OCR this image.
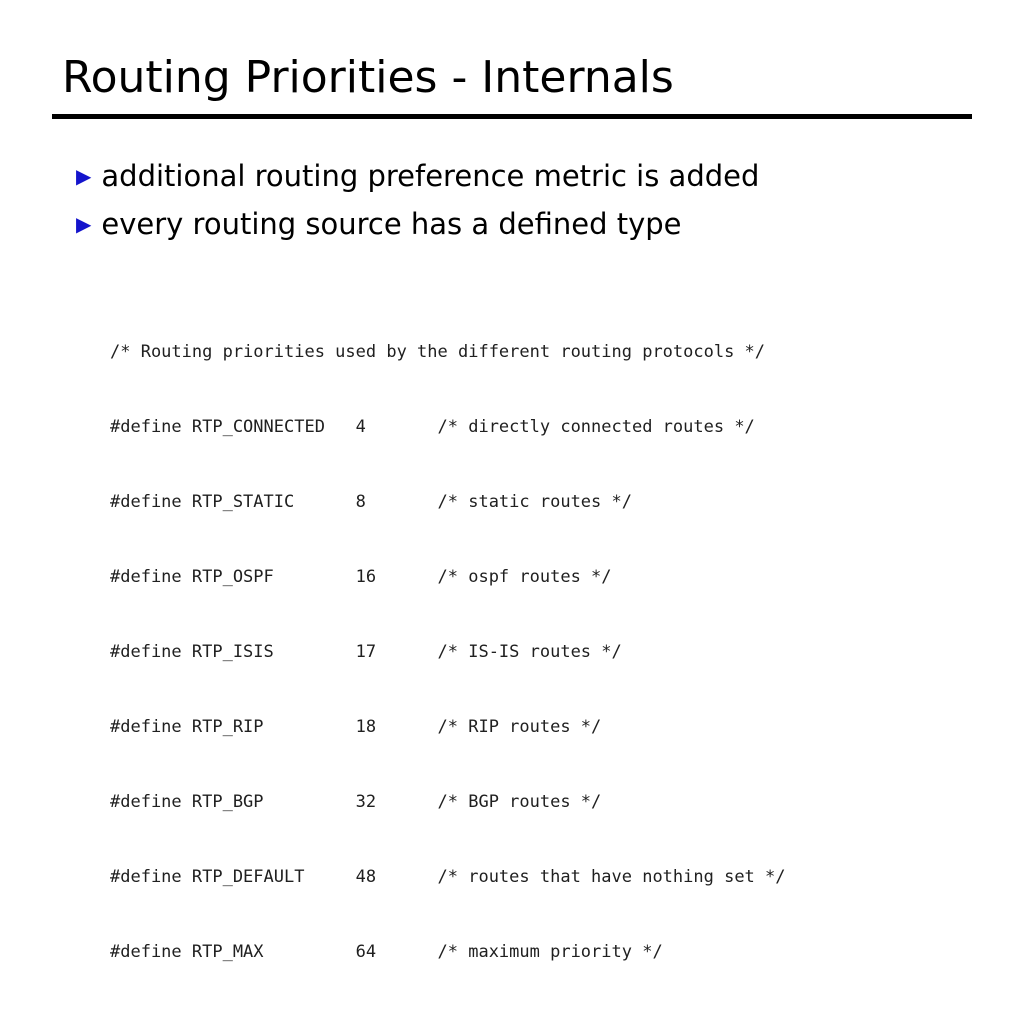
Routing Priorities - Internals
▶ additional routing preference metric is added
▶ every routing source has a defined type

/* Routing priorities used by the different routing protocols */

#define RTP_CONNECTED   4       /* directly connected routes */

#define RTP_STATIC      8       /* static routes */

#define RTP_OSPF        16      /* ospf routes */

#define RTP_ISIS        17      /* IS-IS routes */

#define RTP_RIP         18      /* RIP routes */

#define RTP_BGP         32      /* BGP routes */

#define RTP_DEFAULT     48      /* routes that have nothing set */

#define RTP_MAX         64      /* maximum priority */
